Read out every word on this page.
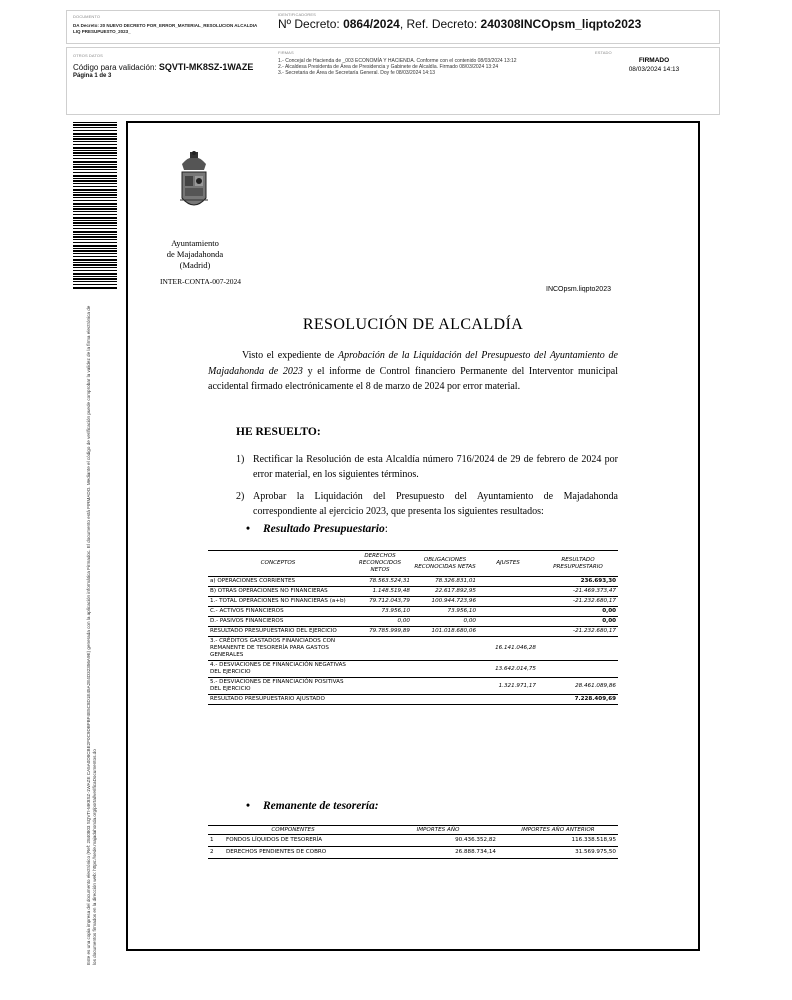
DOCUMENTO
DA Decreto: 20 NUEVO DECRETO POR_ERROR_MATERIAL_RESOLUCION ALCALDIA LIQ PRESUPUESTO_2023_
IDENTIFICADORES
Nº Decreto: 0864/2024, Ref. Decreto: 240308INCOpsm_liqpto2023
OTROS DATOS
Código para validación: SQVTI-MK8SZ-1WAZE
Página 1 de 3
FIRMAS
1.- Concejal de Hacienda de _003 ECONOMÍA Y HACIENDA. Conforme con el contenido 08/03/2024 13:12
2.- Alcaldesa Presidenta de Área de Presidencia y Gabinete de Alcaldía. Firmado 08/03/2024 13:24
3.- Secretaria de Área de Secretaría General. Doy fe 08/03/2024 14:13
ESTADO
FIRMADO
08/03/2024 14:13
Este es una copia impresa del documento electrónico (Ref: 2840803 SQVTI-MK8SZ-1WAZE CA5A0D8CBE2F0C9DBFBF4E5C8D1E45A2E4D32356A9E) generada con la aplicación informática Firmadoc. El documento está FIRMADO. Mediante el código de verificación puede comprobar la validez de la firma electrónica de los documentos firmados en la dirección web: https://sede.majadahonda.org/portal/verificaDocumentos.do
Ayuntamiento
de Majadahonda
(Madrid)
INTER-CONTA-007-2024
INCOpsm.liqpto2023
RESOLUCIÓN DE ALCALDÍA

Visto el expediente de Aprobación de la Liquidación del Presupuesto del Ayuntamiento de Majadahonda de 2023 y el informe de Control financiero Permanente del Interventor municipal accidental firmado electrónicamente el 8 de marzo de 2024 por error material.

HE RESUELTO:
1) Rectificar la Resolución de esta Alcaldía número 716/2024 de 29 de febrero de 2024 por error material, en los siguientes términos.
2) Aprobar la Liquidación del Presupuesto del Ayuntamiento de Majadahonda correspondiente al ejercicio 2023, que presenta los siguientes resultados:
• Resultado Presupuestario:
CONCEPTOS	DERECHOS RECONOCIDOS NETOS	OBLIGACIONES RECONOCIDAS NETAS	AJUSTES	RESULTADO PRESUPUESTARIO
a) OPERACIONES CORRIENTES	78.563.524,31	78.326.831,01		236.693,30
B) OTRAS OPERACIONES NO FINANCIERAS	1.148.519,48	22.617.892,95		-21.469.373,47
1.- TOTAL OPERACIONES NO FINANCIERAS (a+b)	79.712.043,79	100.944.723,96		-21.232.680,17
C.- ACTIVOS FINANCIEROS	73.956,10	73.956,10		0,00
D.- PASIVOS FINANCIEROS	0,00	0,00		0,00
RESULTADO PRESUPUESTARIO DEL EJERCICIO	79.785.999,89	101.018.680,06		-21.232.680,17
3.- CRÉDITOS GASTADOS FINANCIADOS CON REMANENTE DE TESORERÍA PARA GASTOS GENERALES			16.141.046,28	
4.- DESVIACIONES DE FINANCIACIÓN NEGATIVAS DEL EJERCICIO			13.642.014,75	
5.- DESVIACIONES DE FINANCIACIÓN POSITIVAS DEL EJERCICIO			1.321.971,17	28.461.089,86
RESULTADO PRESUPUESTARIO AJUSTADO				7.228.409,69
• Remanente de tesorería:
COMPONENTES		IMPORTES AÑO	IMPORTES AÑO ANTERIOR
1	FONDOS LÍQUIDOS DE TESORERÍA	90.436.352,82	116.338.518,95
2	DERECHOS PENDIENTES DE COBRO	26.888.734,14	31.569.975,50
